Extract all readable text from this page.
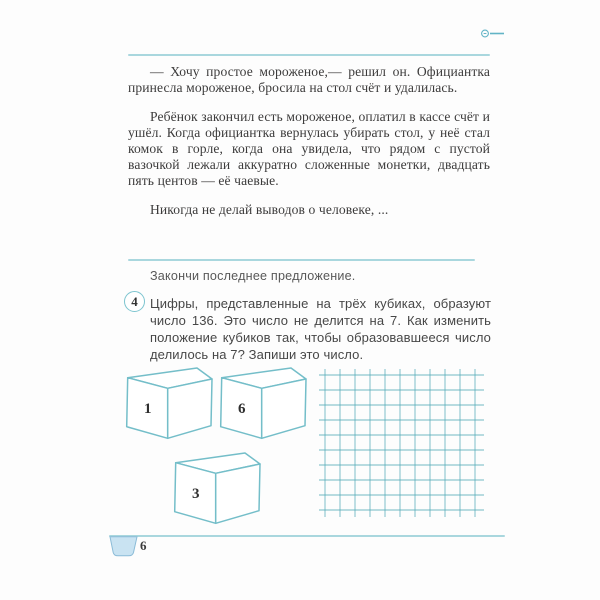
— Хочу простое мороженое,— решил он. Официантка принесла мороженое, бросила на стол счёт и удалилась.

Ребёнок закончил есть мороженое, оплатил в кассе счёт и ушёл. Когда официантка вернулась убирать стол, у неё стал комок в горле, когда она увидела, что рядом с пустой вазочкой лежали аккуратно сложенные монетки, двадцать пять центов — её чаевые.

Никогда не делай выводов о человеке, ...

Закончи последнее предложение.
4 Цифры, представленные на трёх кубиках, образуют число 136. Это число не делится на 7. Как изменить положение кубиков так, чтобы образовавшееся число делилось на 7? Запиши это число.
1	6
3
6
